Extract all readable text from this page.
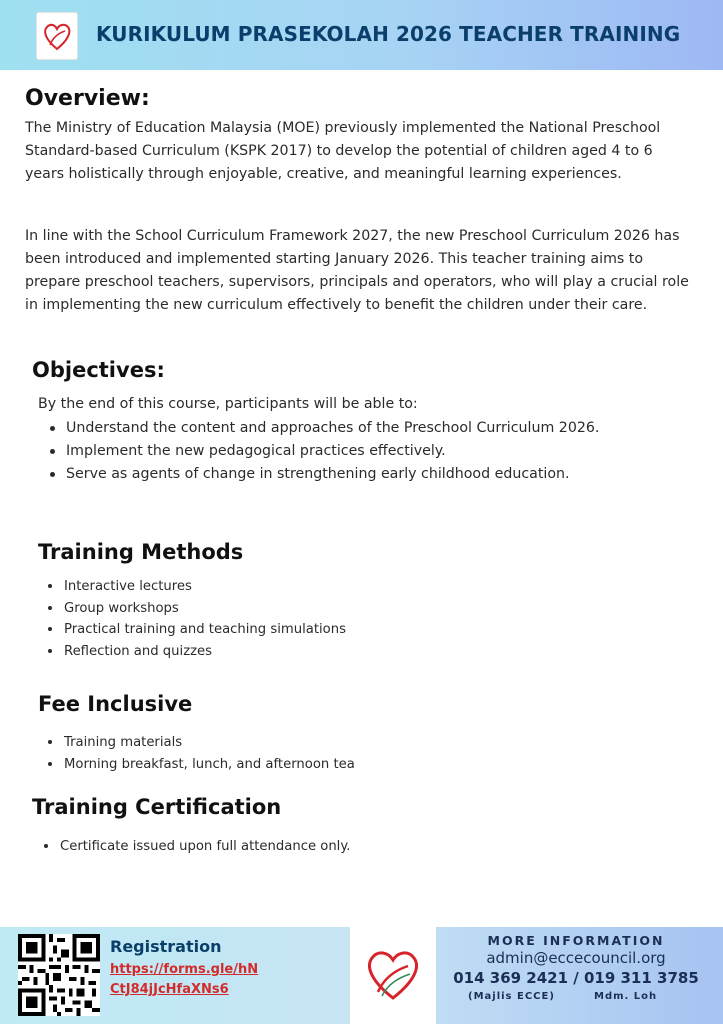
KURIKULUM PRASEKOLAH 2026 TEACHER TRAINING
Overview:

The Ministry of Education Malaysia (MOE) previously implemented the National Preschool Standard-based Curriculum (KSPK 2017) to develop the potential of children aged 4 to 6 years holistically through enjoyable, creative, and meaningful learning experiences.

In line with the School Curriculum Framework 2027, the new Preschool Curriculum 2026 has been introduced and implemented starting January 2026. This teacher training aims to prepare preschool teachers, supervisors, principals and operators, who will play a crucial role in implementing the new curriculum effectively to benefit the children under their care.

Objectives:

By the end of this course, participants will be able to:

Understand the content and approaches of the Preschool Curriculum 2026.
Implement the new pedagogical practices effectively.
Serve as agents of change in strengthening early childhood education.
Training Methods
Interactive lectures
Group workshops
Practical training and teaching simulations
Reflection and quizzes
Fee Inclusive
Training materials
Morning breakfast, lunch, and afternoon tea
Training Certification
Certificate issued upon full attendance only.
Registration
https://forms.gle/hNCtJ84jJcHfaXNs6
MORE INFORMATION
admin@eccecouncil.org
014 369 2421 / 019 311 3785
(Majlis ECCE)	Mdm. Loh
